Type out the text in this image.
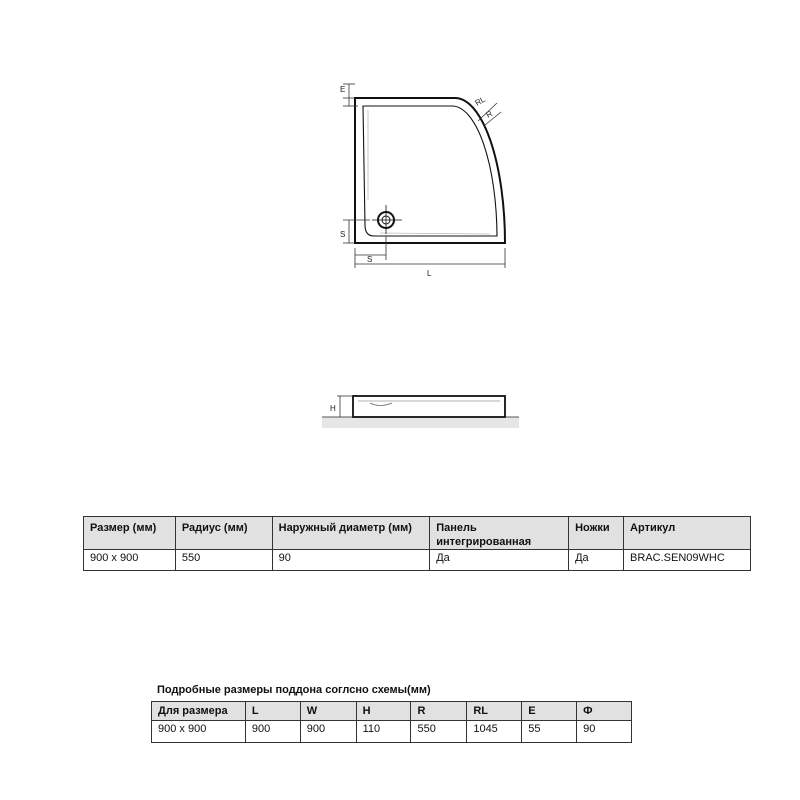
E
RL
R
S
S
L
H
Размер (мм)	Радиус (мм)	Наружный диаметр (мм)	Панель интегрированная	Ножки	Артикул
900 x 900	550	90	Да	Да	BRAC.SEN09WHC
Подробные размеры поддона соглсно схемы(мм)
Для размера	L	W	H	R	RL	E	Ф
900 x 900	900	900	110	550	1045	55	90
